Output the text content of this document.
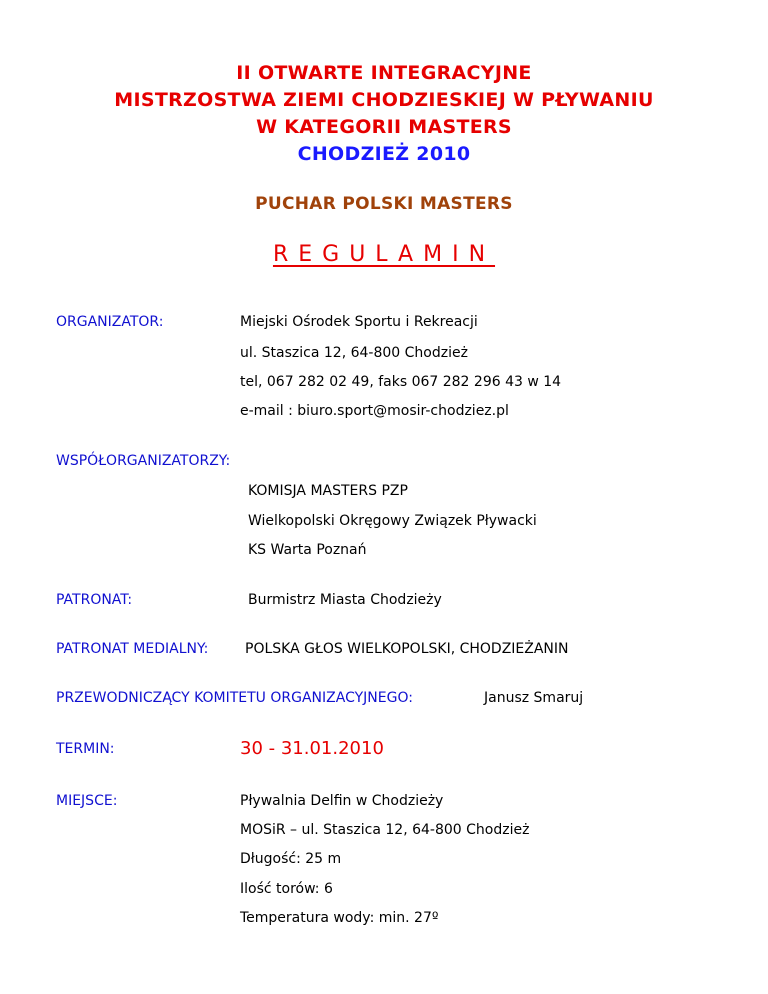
II OTWARTE INTEGRACYJNE
MISTRZOSTWA ZIEMI CHODZIESKIEJ W PŁYWANIU
W KATEGORII MASTERS
CHODZIEŻ 2010
PUCHAR POLSKI MASTERS
REGULAMIN
ORGANIZATOR:	Miejski Ośrodek Sportu i Rekreacji
ul. Staszica 12, 64-800 Chodzież
tel, 067 282 02 49, faks 067 282 296 43 w 14
e-mail : biuro.sport@mosir-chodziez.pl
WSPÓŁORGANIZATORZY:
KOMISJA MASTERS PZP
Wielkopolski Okręgowy Związek Pływacki
KS Warta Poznań
PATRONAT:	Burmistrz Miasta Chodzieży
PATRONAT MEDIALNY:	POLSKA GŁOS WIELKOPOLSKI, CHODZIEŻANIN
PRZEWODNICZĄCY KOMITETU ORGANIZACYJNEGO:	Janusz Smaruj
TERMIN:	30 - 31.01.2010
MIEJSCE:	Pływalnia Delfin w Chodzieży
MOSiR – ul. Staszica 12, 64-800 Chodzież
Długość: 25 m
Ilość torów: 6
Temperatura wody: min. 27º
